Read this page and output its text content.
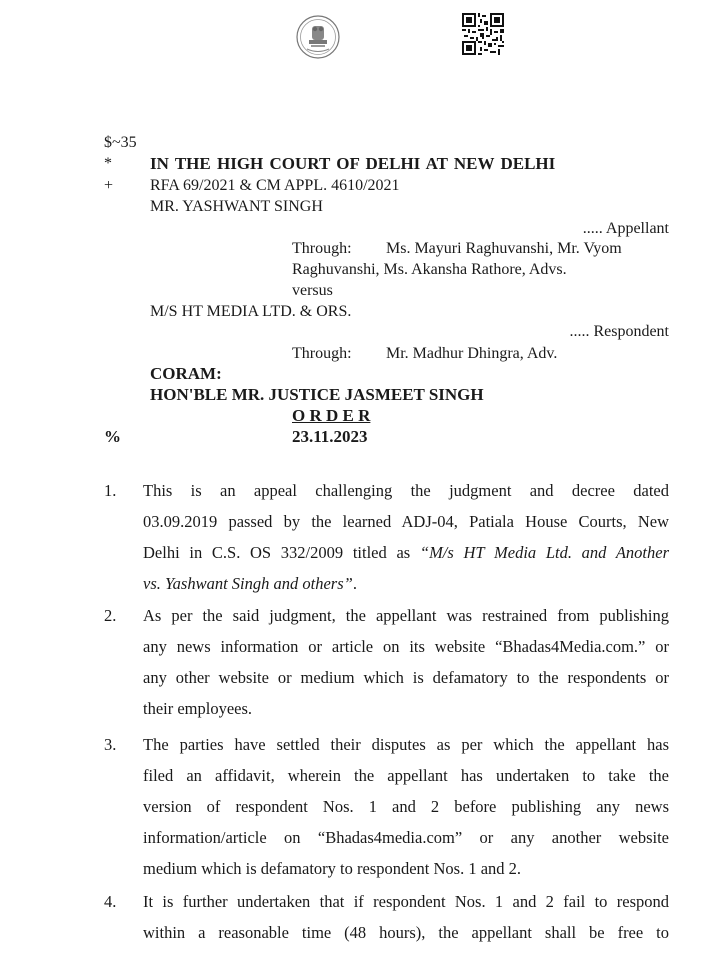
$~35
* IN THE HIGH COURT OF DELHI AT NEW DELHI
+ RFA 69/2021 & CM APPL. 4610/2021
MR. YASHWANT SINGH
..... Appellant
Through: Ms. Mayuri Raghuvanshi, Mr. Vyom
Raghuvanshi, Ms. Akansha Rathore, Advs.
versus
M/S HT MEDIA LTD. & ORS.
..... Respondent
Through: Mr. Madhur Dhingra, Adv.
CORAM:
HON'BLE MR. JUSTICE JASMEET SINGH
O R D E R
%	23.11.2023
1. This is an appeal challenging the judgment and decree dated
03.09.2019 passed by the learned ADJ-04, Patiala House Courts, New
Delhi in C.S. OS 332/2009 titled as “M/s HT Media Ltd. and Another
vs. Yashwant Singh and others”.
2. As per the said judgment, the appellant was restrained from publishing
any news information or article on its website “Bhadas4Media.com.” or
any other website or medium which is defamatory to the respondents or
their employees.
3. The parties have settled their disputes as per which the appellant has
filed an affidavit, wherein the appellant has undertaken to take the
version of respondent Nos. 1 and 2 before publishing any news
information/article on “Bhadas4media.com” or any another website
medium which is defamatory to respondent Nos. 1 and 2.
4. It is further undertaken that if respondent Nos. 1 and 2 fail to respond
within a reasonable time (48 hours), the appellant shall be free to
